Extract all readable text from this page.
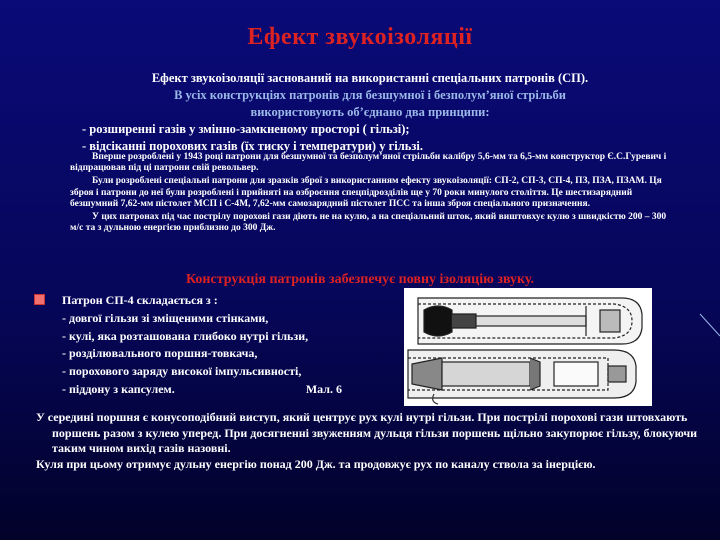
Ефект звукоізоляції
Ефект звукоізоляції заснований на використанні спеціальних патронів (СП).
В усіх конструкціях патронів для безшумної і безполум’яної стрільби
використовують об’єднано два принципи:
- розширенні газів у змінно-замкненому просторі ( гільзі);
- відсіканні порохових газів (їх тиску і температури) у гільзі.

Вперше розроблені у 1943 році патрони для безшумної та безполум’яної стрільби калібру 5,6-мм та 6,5-мм конструктор Є.С.Гуревич і відпрацював під ці патрони свій револьвер.

Були розроблені спеціальні патрони для зразків зброї з використанням ефекту звукоізоляції: СП-2, СП-3, СП-4, ПЗ, ПЗА, ПЗАМ. Ця зброя і патрони до неї були розроблені і прийняті на озброєння спецпідрозділів ще у 70 роки минулого століття. Це шестизарядний безшумний 7,62-мм пістолет МСП і С-4М, 7,62-мм самозарядний пістолет ПСС та інша зброя спеціального призначення.

У цих патронах під час пострілу порохові гази діють не на кулю, а на спеціальний шток, який виштовхує кулю з швидкістю 200 – 300 м/с та з дульною енергією приблизно до 300 Дж.

Конструкція патронів забезпечує повну ізоляцію звуку.
Патрон СП-4 складається з :
- довгої гільзи зі зміщеними стінками,
- кулі, яка розташована глибоко нутрі гільзи,
- розділювального поршня-товкача,
- порохового заряду високої імпульсивності,
- піддону з капсулем.	Мал. 6

У середині поршня є конусоподібний виступ, який центрує рух кулі нутрі гільзи. При пострілі порохові гази штовхають поршень разом з кулею уперед. При досягненні звуженням дульця гільзи поршень щільно закупорює гільзу, блокуючи таким чином вихід газів назовні.

Куля при цьому отримує дульну енергію понад 200 Дж. та продовжує рух по каналу ствола за інерцією.
